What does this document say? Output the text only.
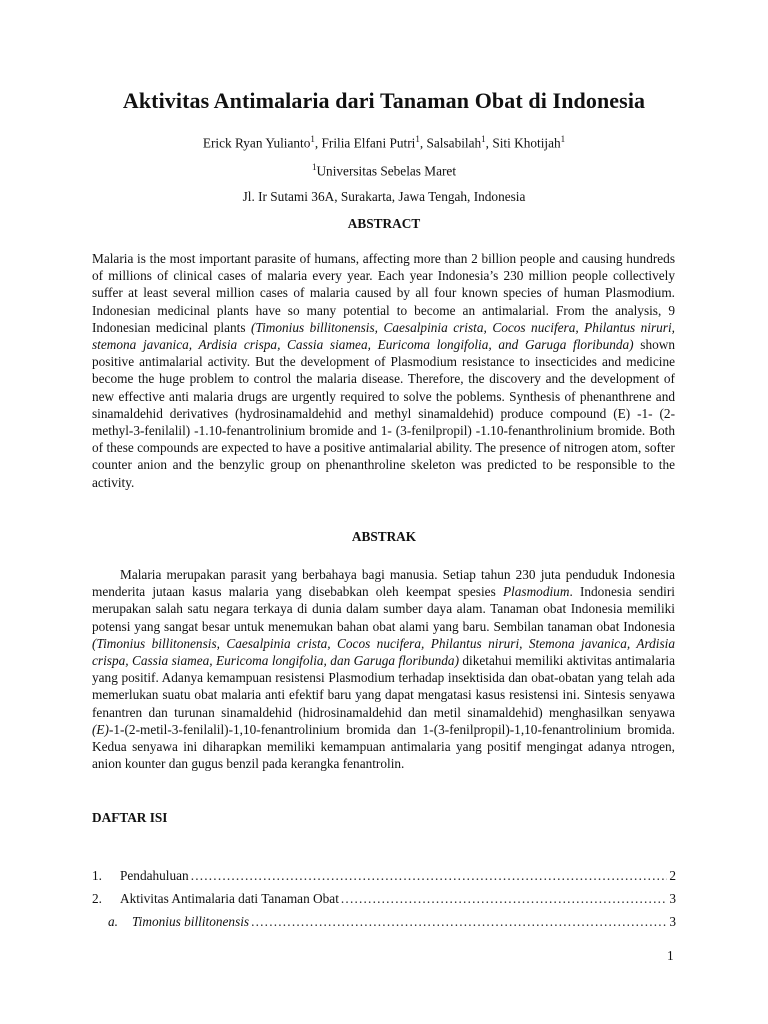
Aktivitas Antimalaria dari Tanaman Obat di Indonesia
Erick Ryan Yulianto$^1$, Frilia Elfani Putri$^1$, Salsabilah$^1$, Siti Khotijah$^1$
$^1$Universitas Sebelas Maret
Jl. Ir Sutami 36A, Surakarta, Jawa Tengah, Indonesia
ABSTRACT

Malaria is the most important parasite of humans, affecting more than 2 billion people and causing hundreds of millions of clinical cases of malaria every year. Each year Indonesia’s 230 million people collectively suffer at least several million cases of malaria caused by all four known species of human Plasmodium. Indonesian medicinal plants have so many potential to become an antimalarial. From the analysis, 9 Indonesian medicinal plants (Timonius billitonensis, Caesalpinia crista, Cocos nucifera, Philantus niruri, stemona javanica, Ardisia crispa, Cassia siamea, Euricoma longifolia, and Garuga floribunda) shown positive antimalarial activity. But the development of Plasmodium resistance to insecticides and medicine become the huge problem to control the malaria disease. Therefore, the discovery and the development of new effective anti malaria drugs are urgently required to solve the poblems. Synthesis of phenanthrene and sinamaldehid derivatives (hydrosinamaldehid and methyl sinamaldehid) produce compound (E) -1- (2-methyl-3-fenilalil) -1.10-fenantrolinium bromide and 1- (3-fenilpropil) -1.10-fenanthrolinium bromide. Both of these compounds are expected to have a positive antimalarial ability. The presence of nitrogen atom, softer counter anion and the benzylic group on phenanthroline skeleton was predicted to be responsible to the activity.

ABSTRAK

Malaria merupakan parasit yang berbahaya bagi manusia. Setiap tahun 230 juta penduduk Indonesia menderita jutaan kasus malaria yang disebabkan oleh keempat spesies Plasmodium. Indonesia sendiri merupakan salah satu negara terkaya di dunia dalam sumber daya alam. Tanaman obat Indonesia memiliki potensi yang sangat besar untuk menemukan bahan obat alami yang baru. Sembilan tanaman obat Indonesia (Timonius billitonensis, Caesalpinia crista, Cocos nucifera, Philantus niruri, Stemona javanica, Ardisia crispa, Cassia siamea, Euricoma longifolia, dan Garuga floribunda) diketahui memiliki aktivitas antimalaria yang positif. Adanya kemampuan resistensi Plasmodium terhadap insektisida dan obat-obatan yang telah ada memerlukan suatu obat malaria anti efektif baru yang dapat mengatasi kasus resistensi ini. Sintesis senyawa fenantren dan turunan sinamaldehid (hidrosinamaldehid dan metil sinamaldehid) menghasilkan senyawa (E)-1-(2-metil-3-fenilalil)-1,10-fenantrolinium bromida dan 1-(3-fenilpropil)-1,10-fenantrolinium bromida. Kedua senyawa ini diharapkan memiliki kemampuan antimalaria yang positif mengingat adanya ntrogen, anion kounter dan gugus benzil pada kerangka fenantrolin.

DAFTAR ISI
1.	Pendahuluan .....	2
2.	Aktivitas Antimalaria dati Tanaman Obat .....	3
a.	Timonius billitonensis .....	3
1
